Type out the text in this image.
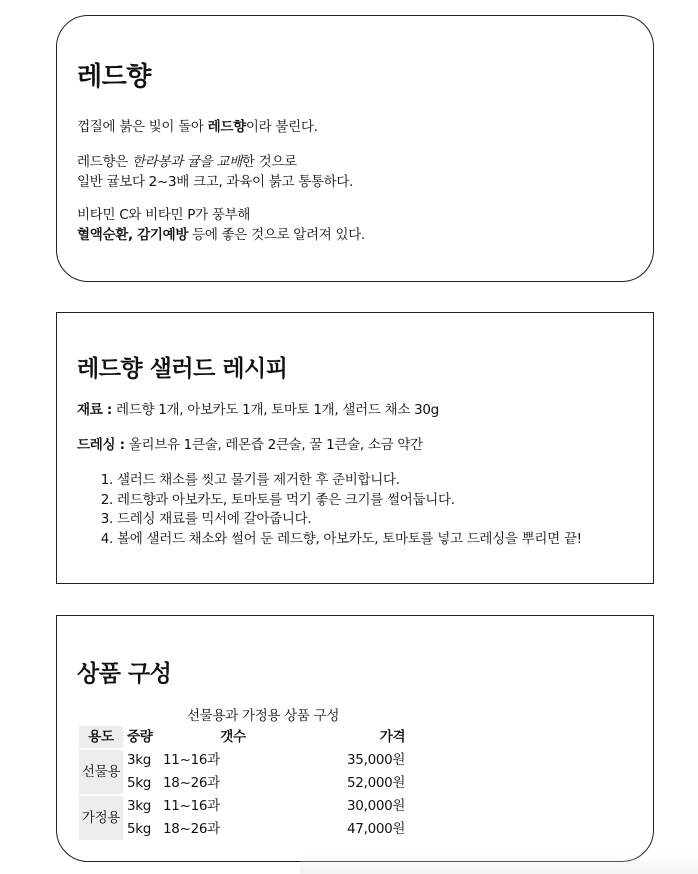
레드향
껍질에 붉은 빛이 돌아 레드향이라 불린다.
레드향은 한라봉과 귤을 교배한 것으로
일반 귤보다 2~3배 크고, 과육이 붉고 통통하다.
비타민 C와 비타민 P가 풍부해
혈액순환, 감기예방 등에 좋은 것으로 알려져 있다.
레드향 샐러드 레시피
재료 : 레드향 1개, 아보카도 1개, 토마토 1개, 샐러드 채소 30g
드레싱 : 올리브유 1큰술, 레몬즙 2큰술, 꿀 1큰술, 소금 약간
1. 샐러드 채소를 씻고 물기를 제거한 후 준비합니다.
2. 레드향과 아보카도, 토마토를 먹기 좋은 크기를 썰어둡니다.
3. 드레싱 재료를 믹서에 갈아줍니다.
4. 볼에 샐러드 채소와 썰어 둔 레드향, 아보카도, 토마토를 넣고 드레싱을 뿌리면 끝!
상품 구성
선물용과 가정용 상품 구성
용도	중량	갯수	가격
선물용	3kg	11~16과	35,000원
	5kg	18~26과	52,000원
가정용	3kg	11~16과	30,000원
	5kg	18~26과	47,000원
